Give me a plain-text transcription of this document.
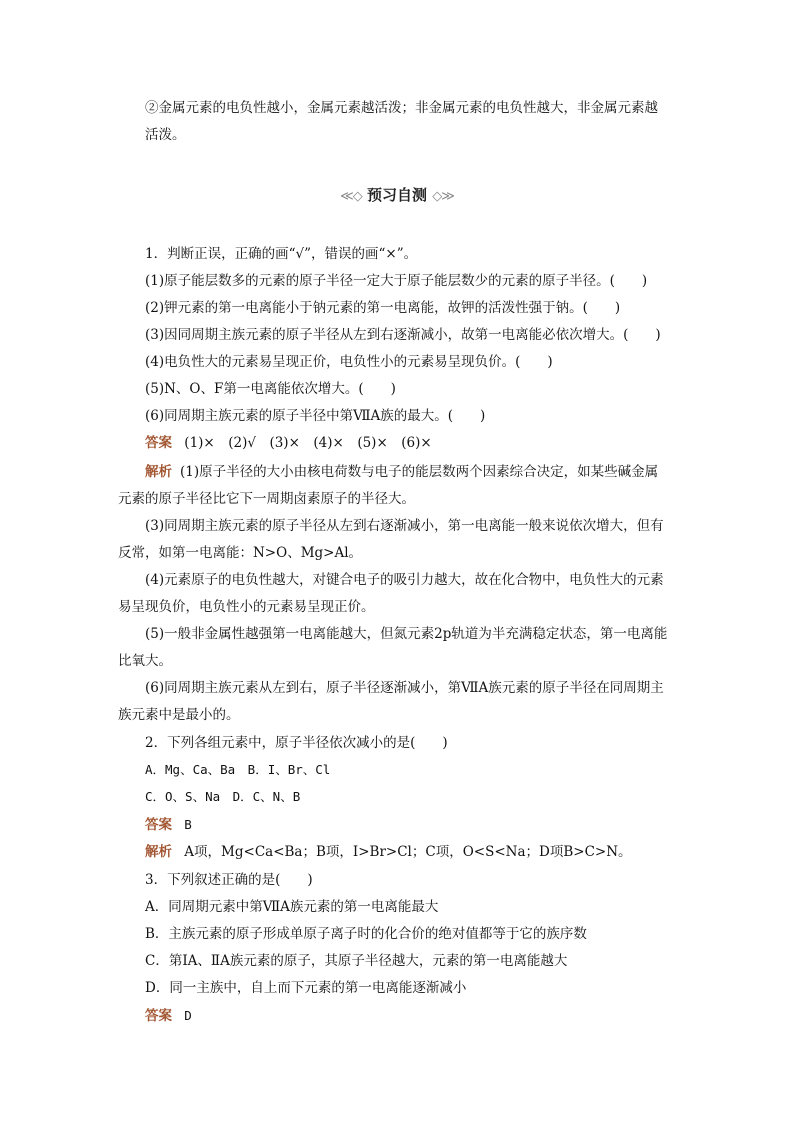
②金属元素的电负性越小，金属元素越活泼；非金属元素的电负性越大，非金属元素越活泼。

≪◇ 预习自测 ◇≫
1．判断正误，正确的画“√”，错误的画“×”。
(1)原子能层数多的元素的原子半径一定大于原子能层数少的元素的原子半径。(　　)
(2)钾元素的第一电离能小于钠元素的第一电离能，故钾的活泼性强于钠。(　　)
(3)因同周期主族元素的原子半径从左到右逐渐减小，故第一电离能必依次增大。(　　)
(4)电负性大的元素易呈现正价，电负性小的元素易呈现负价。(　　)
(5)N、O、F第一电离能依次增大。(　　)
(6)同周期主族元素的原子半径中第ⅦA族的最大。(　　)
答案 (1)×　(2)√　(3)×　(4)×　(5)×　(6)×

解析 (1)原子半径的大小由核电荷数与电子的能层数两个因素综合决定，如某些碱金属元素的原子半径比它下一周期卤素原子的半径大。

(3)同周期主族元素的原子半径从左到右逐渐减小，第一电离能一般来说依次增大，但有反常，如第一电离能：N>O、Mg>Al。

(4)元素原子的电负性越大，对键合电子的吸引力越大，故在化合物中，电负性大的元素易呈现负价，电负性小的元素易呈现正价。

(5)一般非金属性越强第一电离能越大，但氮元素2p轨道为半充满稳定状态，第一电离能比氧大。

(6)同周期主族元素从左到右，原子半径逐渐减小，第ⅦA族元素的原子半径在同周期主族元素中是最小的。

2．下列各组元素中，原子半径依次减小的是(　　)
A．Mg、Ca、Ba　B．I、Br、Cl
C．O、S、Na　D．C、N、B
答案 B
解析 A项，Mg<Ca<Ba；B项，I>Br>Cl；C项，O<S<Na；D项B>C>N。
3．下列叙述正确的是(　　)
A．同周期元素中第ⅦA族元素的第一电离能最大
B．主族元素的原子形成单原子离子时的化合价的绝对值都等于它的族序数
C．第ⅠA、ⅡA族元素的原子，其原子半径越大，元素的第一电离能越大
D．同一主族中，自上而下元素的第一电离能逐渐减小
答案 D
